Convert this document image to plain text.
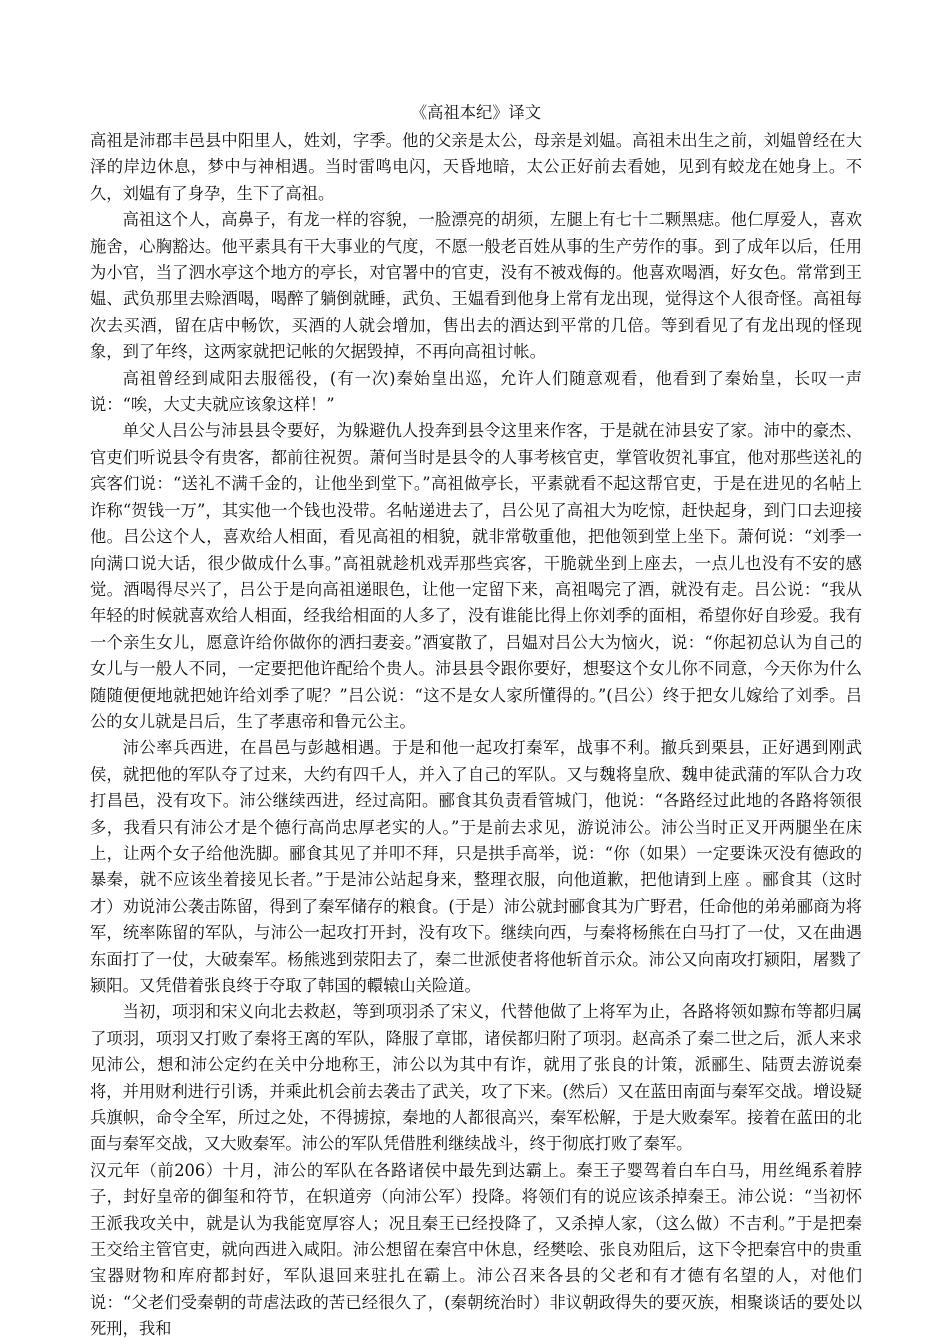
《高祖本纪》译文

高祖是沛郡丰邑县中阳里人，姓刘，字季。他的父亲是太公，母亲是刘媪。高祖未出生之前，刘媪曾经在大泽的岸边休息，梦中与神相遇。当时雷鸣电闪，天昏地暗，太公正好前去看她，见到有蛟龙在她身上。不久，刘媪有了身孕，生下了高祖。

高祖这个人，高鼻子，有龙一样的容貌，一脸漂亮的胡须，左腿上有七十二颗黑痣。他仁厚爱人，喜欢施舍，心胸豁达。他平素具有干大事业的气度，不愿一般老百姓从事的生产劳作的事。到了成年以后，任用为小官，当了泗水亭这个地方的亭长，对官署中的官吏，没有不被戏侮的。他喜欢喝酒，好女色。常常到王媪、武负那里去赊酒喝，喝醉了躺倒就睡，武负、王媪看到他身上常有龙出现，觉得这个人很奇怪。高祖每次去买酒，留在店中畅饮，买酒的人就会增加，售出去的酒达到平常的几倍。等到看见了有龙出现的怪现象，到了年终，这两家就把记帐的欠据毁掉，不再向高祖讨帐。

高祖曾经到咸阳去服徭役，(有一次)秦始皇出巡，允许人们随意观看，他看到了秦始皇，长叹一声说：“唉，大丈夫就应该象这样！”

单父人吕公与沛县县令要好，为躲避仇人投奔到县令这里来作客，于是就在沛县安了家。沛中的豪杰、官吏们听说县令有贵客，都前往祝贺。萧何当时是县令的人事考核官吏，掌管收贺礼事宜，他对那些送礼的宾客们说：“送礼不满千金的，让他坐到堂下。”高祖做亭长，平素就看不起这帮官吏，于是在进见的名帖上诈称“贺钱一万”，其实他一个钱也没带。名帖递进去了，吕公见了高祖大为吃惊，赶快起身，到门口去迎接他。吕公这个人，喜欢给人相面，看见高祖的相貌，就非常敬重他，把他领到堂上坐下。萧何说：“刘季一向满口说大话，很少做成什么事。”高祖就趁机戏弄那些宾客，干脆就坐到上座去，一点儿也没有不安的感觉。酒喝得尽兴了，吕公于是向高祖递眼色，让他一定留下来，高祖喝完了酒，就没有走。吕公说：“我从年轻的时候就喜欢给人相面，经我给相面的人多了，没有谁能比得上你刘季的面相，希望你好自珍爱。我有一个亲生女儿，愿意许给你做你的洒扫妻妾。”酒宴散了，吕媪对吕公大为恼火，说：“你起初总认为自己的女儿与一般人不同，一定要把他许配给个贵人。沛县县令跟你要好，想娶这个女儿你不同意，今天你为什么随随便便地就把她许给刘季了呢？”吕公说：“这不是女人家所懂得的。”(吕公）终于把女儿嫁给了刘季。吕公的女儿就是吕后，生了孝惠帝和鲁元公主。

沛公率兵西进，在昌邑与彭越相遇。于是和他一起攻打秦军，战事不利。撤兵到栗县，正好遇到刚武侯，就把他的军队夺了过来，大约有四千人，并入了自己的军队。又与魏将皇欣、魏申徒武蒲的军队合力攻打昌邑，没有攻下。沛公继续西进，经过高阳。郦食其负责看管城门，他说：“各路经过此地的各路将领很多，我看只有沛公才是个德行高尚忠厚老实的人。”于是前去求见，游说沛公。沛公当时正叉开两腿坐在床上，让两个女子给他洗脚。郦食其见了并叩不拜，只是拱手高举，说：“你（如果）一定要诛灭没有德政的暴秦，就不应该坐着接见长者。”于是沛公站起身来，整理衣服，向他道歉，把他请到上座 。郦食其（这时才）劝说沛公袭击陈留，得到了秦军储存的粮食。(于是）沛公就封郦食其为广野君，任命他的弟弟郦商为将军，统率陈留的军队，与沛公一起攻打开封，没有攻下。继续向西，与秦将杨熊在白马打了一仗，又在曲遇东面打了一仗，大破秦军。杨熊逃到荥阳去了，秦二世派使者将他斩首示众。沛公又向南攻打颍阳，屠戮了颍阳。又凭借着张良终于夺取了韩国的轘辕山关险道。

当初，项羽和宋义向北去救赵，等到项羽杀了宋义，代替他做了上将军为止，各路将领如黥布等都归属了项羽，项羽又打败了秦将王离的军队，降服了章邯，诸侯都归附了项羽。赵高杀了秦二世之后，派人来求见沛公，想和沛公定约在关中分地称王，沛公以为其中有诈，就用了张良的计策，派郦生、陆贾去游说秦将，并用财利进行引诱，并乘此机会前去袭击了武关，攻了下来。(然后）又在蓝田南面与秦军交战。增设疑兵旗帜，命令全军，所过之处，不得掳掠，秦地的人都很高兴，秦军松解，于是大败秦军。接着在蓝田的北面与秦军交战，又大败秦军。沛公的军队凭借胜利继续战斗，终于彻底打败了秦军。

汉元年（前206）十月，沛公的军队在各路诸侯中最先到达霸上。秦王子婴驾着白车白马，用丝绳系着脖子，封好皇帝的御玺和符节，在轵道旁（向沛公军）投降。将领们有的说应该杀掉秦王。沛公说：“当初怀王派我攻关中，就是认为我能宽厚容人；况且秦王已经投降了，又杀掉人家，（这么做）不吉利。”于是把秦王交给主管官吏，就向西进入咸阳。沛公想留在秦宫中休息，经樊哙、张良劝阻后，这下令把秦宫中的贵重宝器财物和库府都封好，军队退回来驻扎在霸上。沛公召来各县的父老和有才德有名望的人，对他们说：“父老们受秦朝的苛虐法政的苦已经很久了，(秦朝统治时）非议朝政得失的要灭族，相聚谈话的要处以死刑，我和
